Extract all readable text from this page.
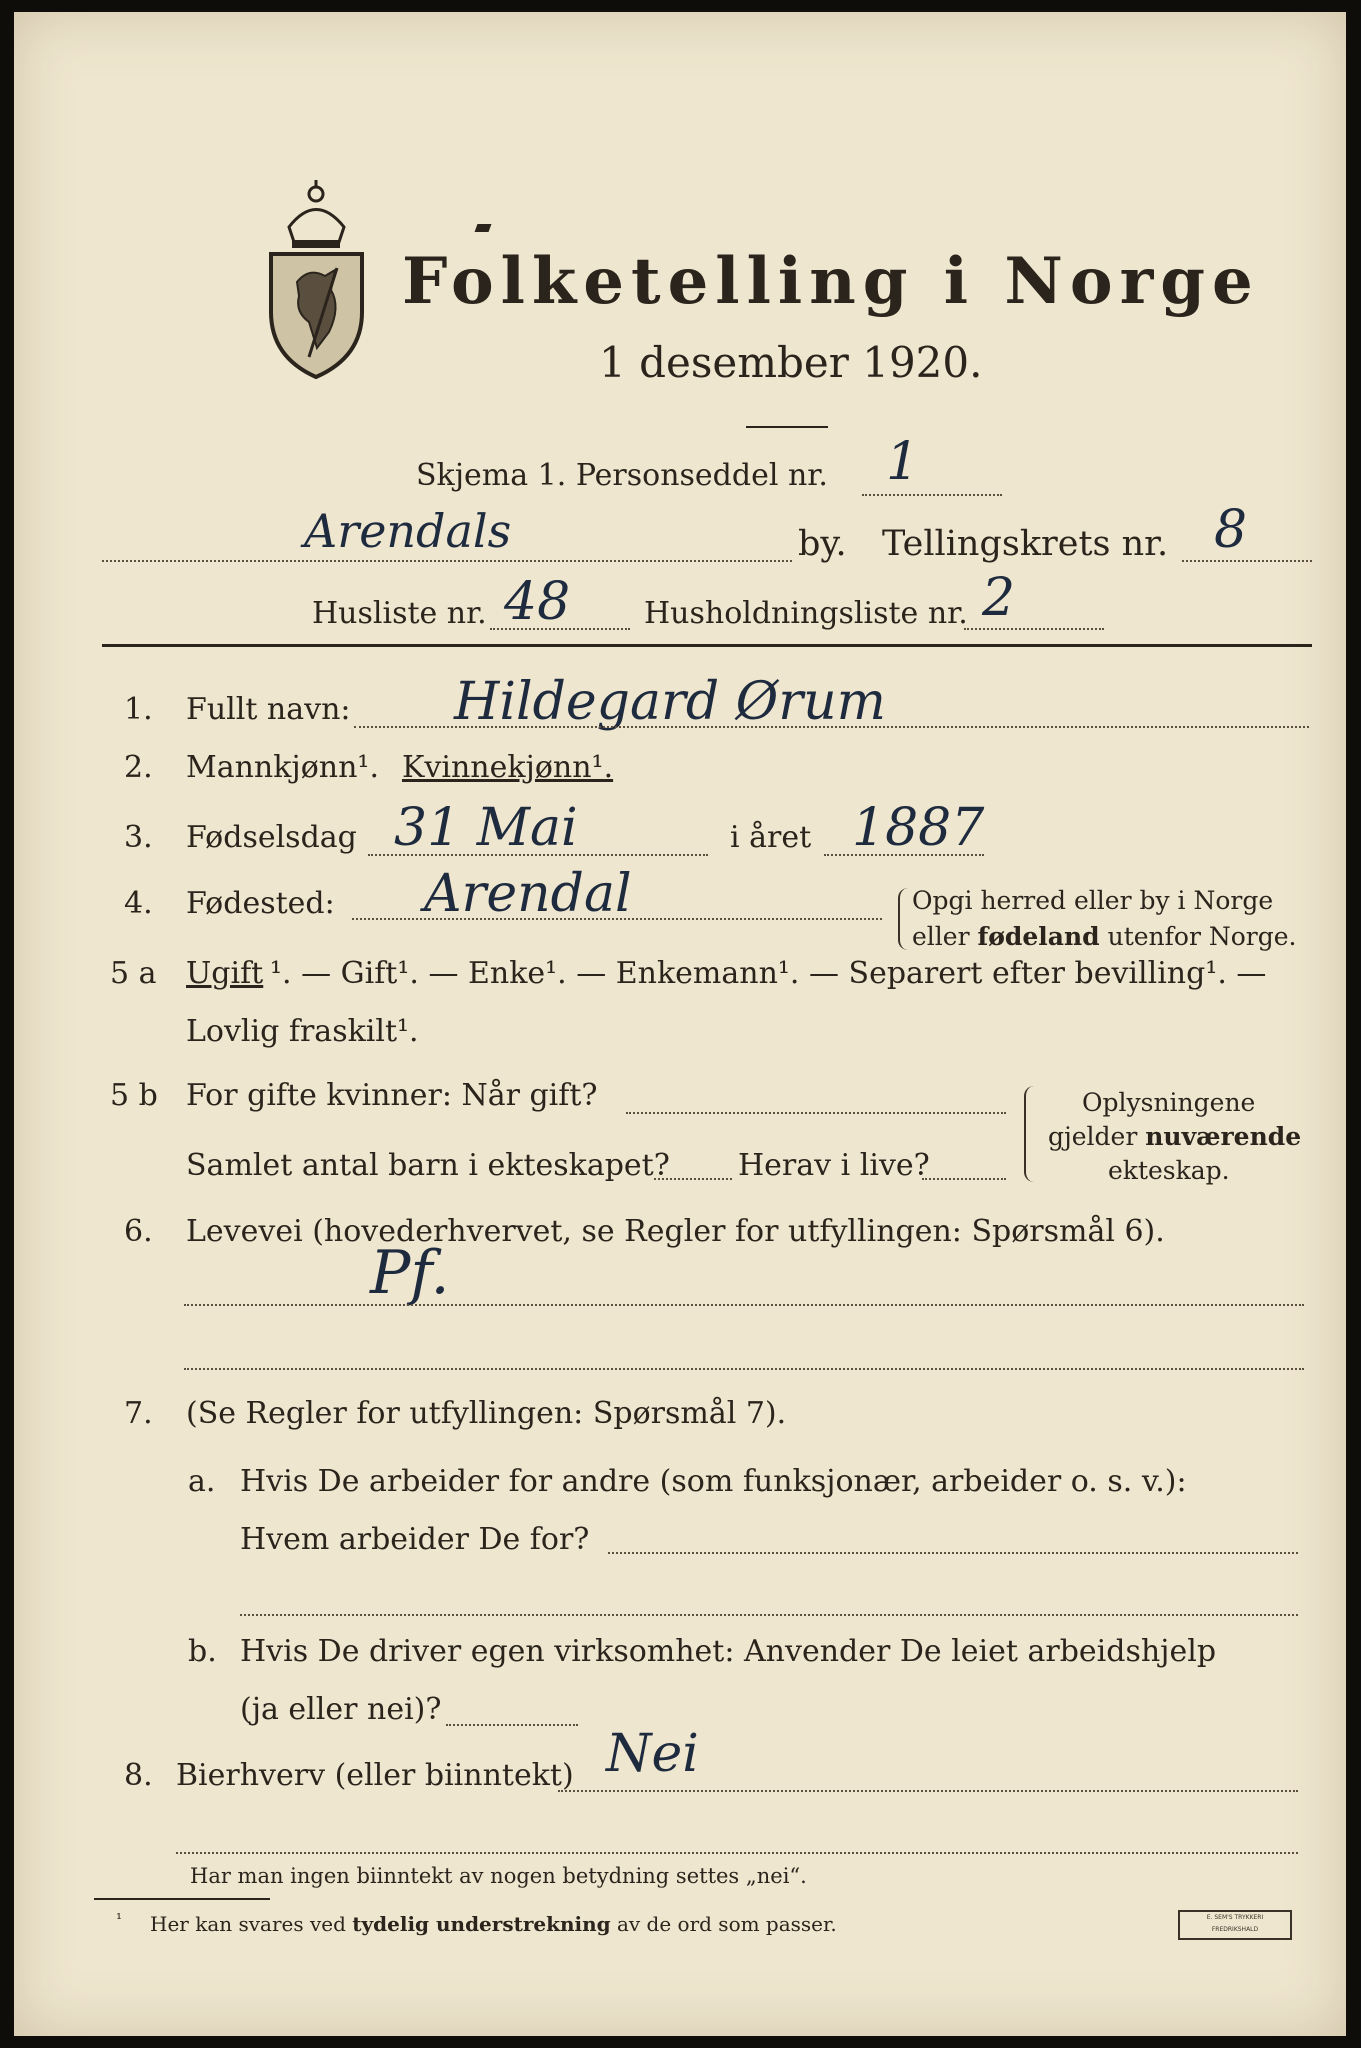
Folketelling i Norge
1 desember 1920.
Skjema 1. Personseddel nr. 1
Arendals	by. Tellingskrets nr. 8
Husliste nr. 48 Husholdningsliste nr. 2
1. Fullt navn: Hildegard Ørum
2. Mannkjønn¹. Kvinnekjønn¹.
3. Fødselsdag 31 Mai	i året 1887
4. Fødested: Arendal	Opgi herred eller by i Norge
eller fødeland utenfor Norge.
5 a Ugift ¹. — Gift¹. — Enke¹. — Enkemann¹. — Separert efter bevilling¹. —
Lovlig fraskilt¹.
5 b For gifte kvinner: Når gift?
Samlet antal barn i ekteskapet? Herav i live?
Oplysningene
gjelder nuværende
ekteskap.
6. Levevei (hovederhvervet, se Regler for utfyllingen: Spørsmål 6).
Pf.
7. (Se Regler for utfyllingen: Spørsmål 7).
a. Hvis De arbeider for andre (som funksjonær, arbeider o. s. v.):
Hvem arbeider De for?
b. Hvis De driver egen virksomhet: Anvender De leiet arbeidshjelp
(ja eller nei)?
8. Bierhverv (eller biinntekt) Nei
Har man ingen biinntekt av nogen betydning settes „nei“.
¹ Her kan svares ved tydelig understrekning av de ord som passer.	E. SEM'S TRYKKERI
FREDRIKSHALD
